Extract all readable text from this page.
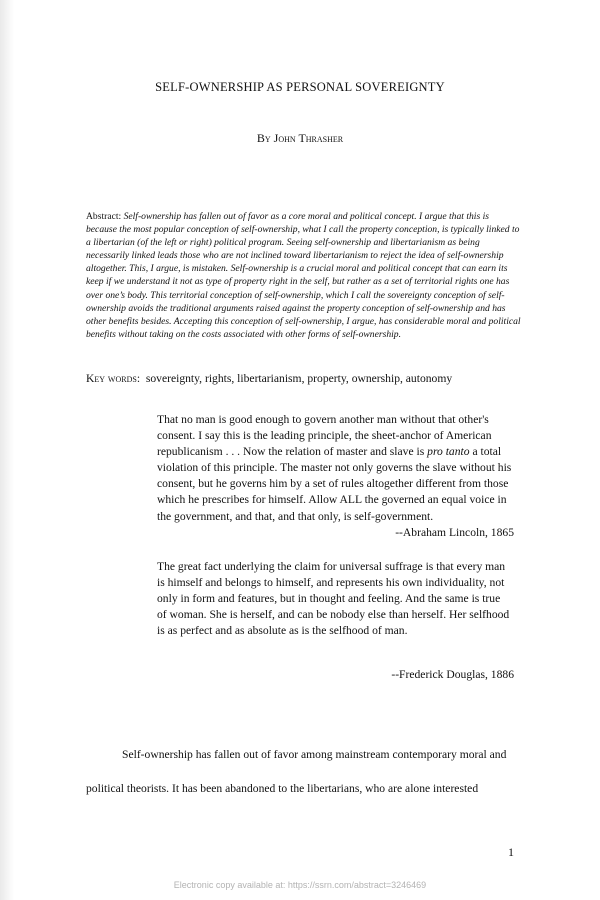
SELF-OWNERSHIP AS PERSONAL SOVEREIGNTY
By John Thrasher
Abstract: Self-ownership has fallen out of favor as a core moral and political concept. I argue that this is because the most popular conception of self-ownership, what I call the property conception, is typically linked to a libertarian (of the left or right) political program. Seeing self-ownership and libertarianism as being necessarily linked leads those who are not inclined toward libertarianism to reject the idea of self-ownership altogether. This, I argue, is mistaken. Self-ownership is a crucial moral and political concept that can earn its keep if we understand it not as type of property right in the self, but rather as a set of territorial rights one has over one’s body. This territorial conception of self-ownership, which I call the sovereignty conception of self-ownership avoids the traditional arguments raised against the property conception of self-ownership and has other benefits besides. Accepting this conception of self-ownership, I argue, has considerable moral and political benefits without taking on the costs associated with other forms of self-ownership.
Key words: sovereignty, rights, libertarianism, property, ownership, autonomy
That no man is good enough to govern another man without that other's consent. I say this is the leading principle, the sheet-anchor of American republicanism . . . Now the relation of master and slave is pro tanto a total violation of this principle. The master not only governs the slave without his consent, but he governs him by a set of rules altogether different from those which he prescribes for himself. Allow ALL the governed an equal voice in the government, and that, and that only, is self-government.
--Abraham Lincoln, 1865
The great fact underlying the claim for universal suffrage is that every man is himself and belongs to himself, and represents his own individuality, not only in form and features, but in thought and feeling. And the same is true of woman. She is herself, and can be nobody else than herself. Her selfhood is as perfect and as absolute as is the selfhood of man.
--Frederick Douglas, 1886
Self-ownership has fallen out of favor among mainstream contemporary moral and political theorists. It has been abandoned to the libertarians, who are alone interested
1
Electronic copy available at: https://ssrn.com/abstract=3246469
